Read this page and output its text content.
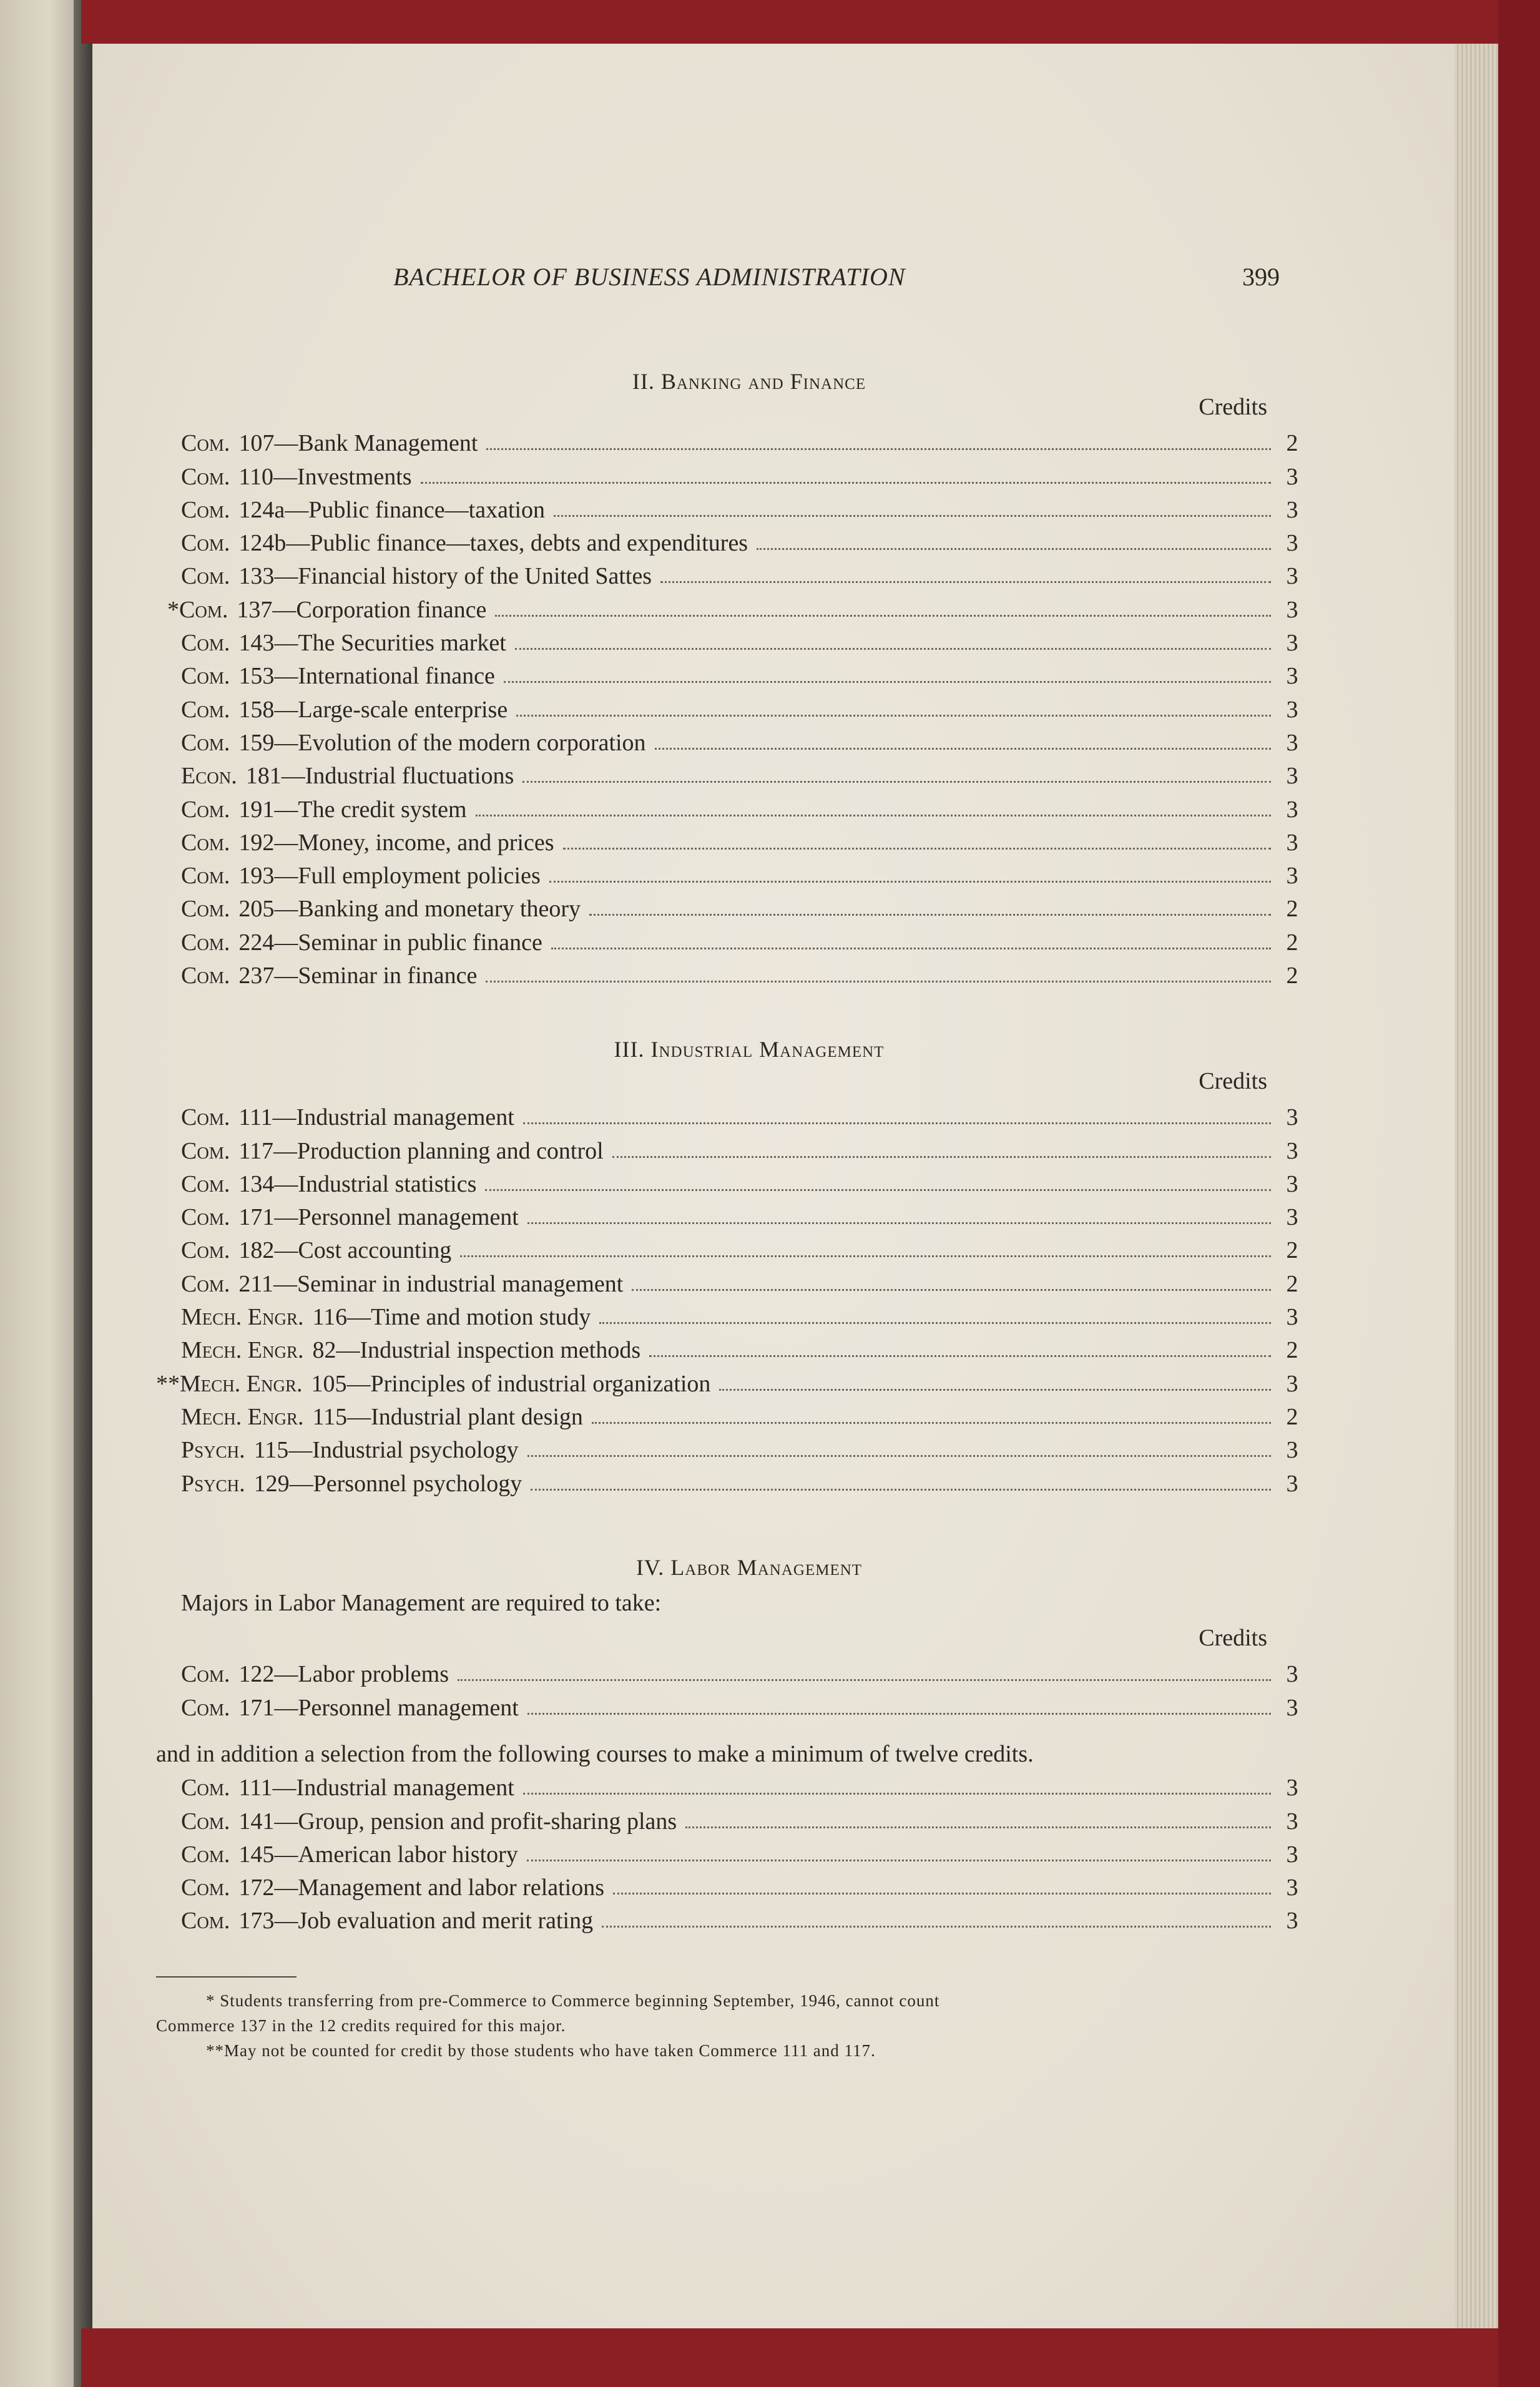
BACHELOR OF BUSINESS ADMINISTRATION	399
II. Banking and Finance
Credits
Com. 107—Bank Management	2
Com. 110—Investments	3
Com. 124a—Public finance—taxation	3
Com. 124b—Public finance—taxes, debts and expenditures	3
Com. 133—Financial history of the United Sattes	3
*Com. 137—Corporation finance	3
Com. 143—The Securities market	3
Com. 153—International finance	3
Com. 158—Large-scale enterprise	3
Com. 159—Evolution of the modern corporation	3
Econ. 181—Industrial fluctuations	3
Com. 191—The credit system	3
Com. 192—Money, income, and prices	3
Com. 193—Full employment policies	3
Com. 205—Banking and monetary theory	2
Com. 224—Seminar in public finance	2
Com. 237—Seminar in finance	2
III. Industrial Management
Credits
Com. 111—Industrial management	3
Com. 117—Production planning and control	3
Com. 134—Industrial statistics	3
Com. 171—Personnel management	3
Com. 182—Cost accounting	2
Com. 211—Seminar in industrial management	2
Mech. Engr. 116—Time and motion study	3
Mech. Engr. 82—Industrial inspection methods	2
**Mech. Engr. 105—Principles of industrial organization	3
Mech. Engr. 115—Industrial plant design	2
Psych. 115—Industrial psychology	3
Psych. 129—Personnel psychology	3
IV. Labor Management
Majors in Labor Management are required to take:
Credits
Com. 122—Labor problems	3
Com. 171—Personnel management	3
and in addition a selection from the following courses to make a minimum of twelve credits.
Com. 111—Industrial management	3
Com. 141—Group, pension and profit-sharing plans	3
Com. 145—American labor history	3
Com. 172—Management and labor relations	3
Com. 173—Job evaluation and merit rating	3
* Students transferring from pre-Commerce to Commerce beginning September, 1946, cannot count
Commerce 137 in the 12 credits required for this major.
**May not be counted for credit by those students who have taken Commerce 111 and 117.
